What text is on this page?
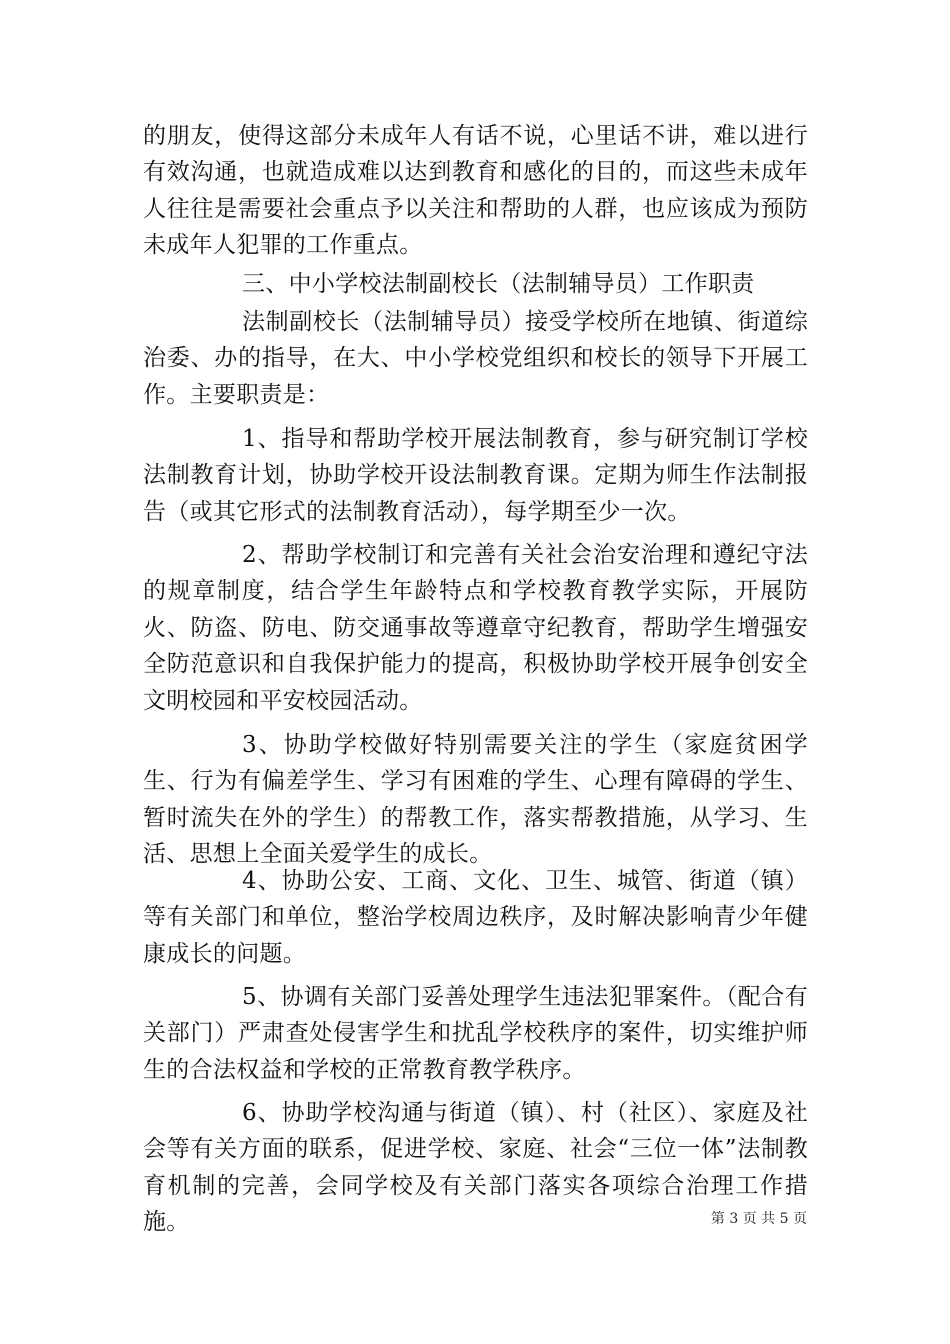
的朋友，使得这部分未成年人有话不说，心里话不讲，难以进行有效沟通，也就造成难以达到教育和感化的目的，而这些未成年人往往是需要社会重点予以关注和帮助的人群，也应该成为预防未成年人犯罪的工作重点。
三、中小学校法制副校长（法制辅导员）工作职责
法制副校长（法制辅导员）接受学校所在地镇、街道综治委、办的指导，在大、中小学校党组织和校长的领导下开展工作。主要职责是：
1、指导和帮助学校开展法制教育，参与研究制订学校法制教育计划，协助学校开设法制教育课。定期为师生作法制报告（或其它形式的法制教育活动），每学期至少一次。
2、帮助学校制订和完善有关社会治安治理和遵纪守法的规章制度，结合学生年龄特点和学校教育教学实际，开展防火、防盗、防电、防交通事故等遵章守纪教育，帮助学生增强安全防范意识和自我保护能力的提高，积极协助学校开展争创安全文明校园和平安校园活动。
3、协助学校做好特别需要关注的学生（家庭贫困学生、行为有偏差学生、学习有困难的学生、心理有障碍的学生、暂时流失在外的学生）的帮教工作，落实帮教措施，从学习、生活、思想上全面关爱学生的成长。
4、协助公安、工商、文化、卫生、城管、街道（镇）等有关部门和单位，整治学校周边秩序，及时解决影响青少年健康成长的问题。
5、协调有关部门妥善处理学生违法犯罪案件。（配合有关部门）严肃查处侵害学生和扰乱学校秩序的案件，切实维护师生的合法权益和学校的正常教育教学秩序。
6、协助学校沟通与街道（镇）、村（社区）、家庭及社会等有关方面的联系，促进学校、家庭、社会“三位一体”法制教育机制的完善，会同学校及有关部门落实各项综合治理工作措施。	第 3 页 共 5 页
